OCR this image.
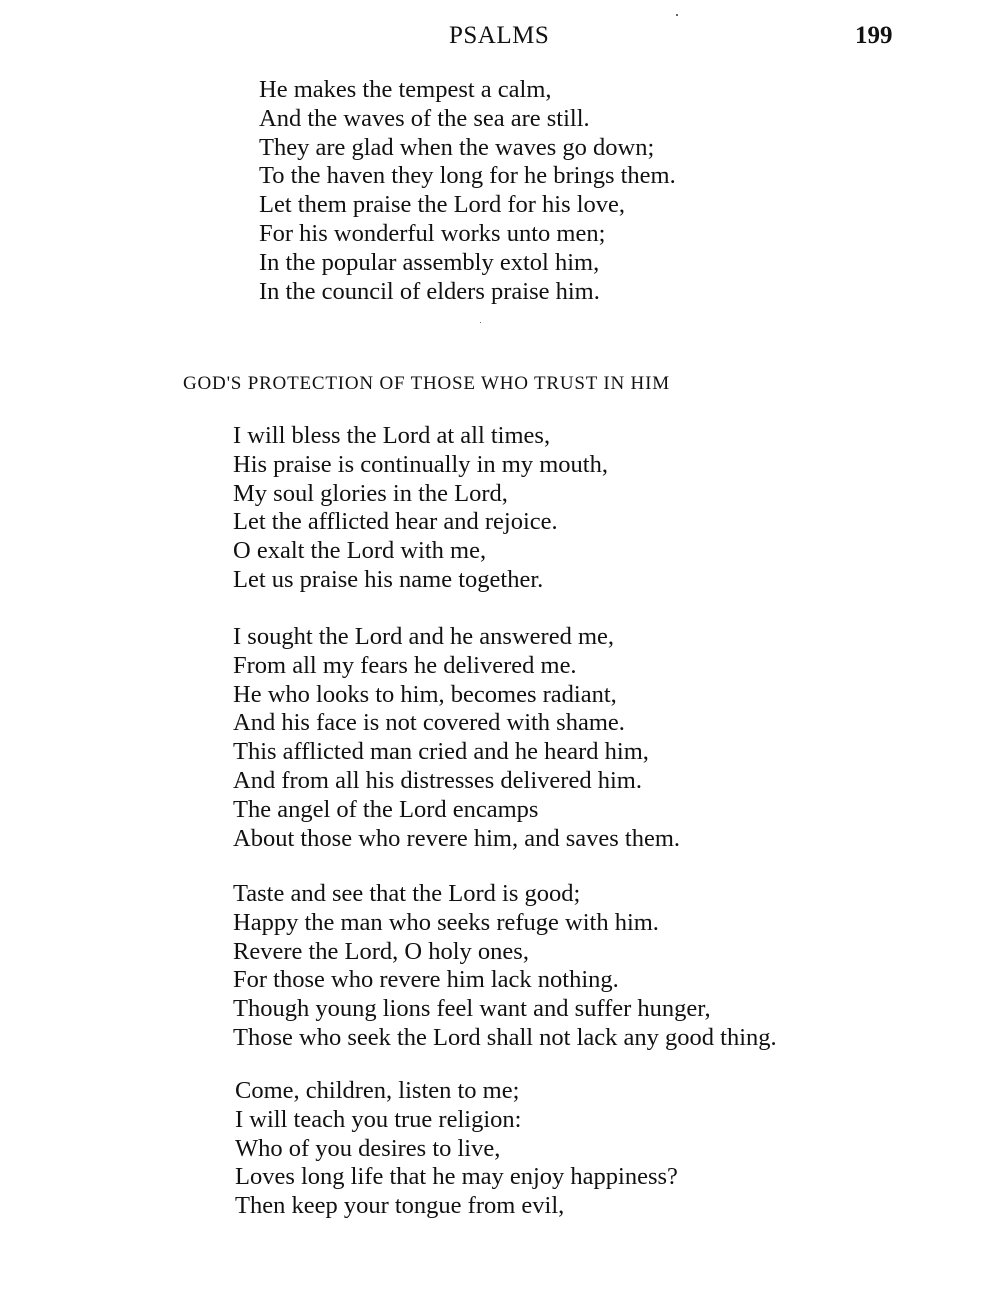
PSALMS	199
He makes the tempest a calm,
And the waves of the sea are still.
They are glad when the waves go down;
To the haven they long for he brings them.
Let them praise the Lord for his love,
For his wonderful works unto men;
In the popular assembly extol him,
In the council of elders praise him.
GOD'S PROTECTION OF THOSE WHO TRUST IN HIM
I will bless the Lord at all times,
His praise is continually in my mouth,
My soul glories in the Lord,
Let the afflicted hear and rejoice.
O exalt the Lord with me,
Let us praise his name together.
I sought the Lord and he answered me,
From all my fears he delivered me.
He who looks to him, becomes radiant,
And his face is not covered with shame.
This afflicted man cried and he heard him,
And from all his distresses delivered him.
The angel of the Lord encamps
About those who revere him, and saves them.
Taste and see that the Lord is good;
Happy the man who seeks refuge with him.
Revere the Lord, O holy ones,
For those who revere him lack nothing.
Though young lions feel want and suffer hunger,
Those who seek the Lord shall not lack any good thing.
Come, children, listen to me;
I will teach you true religion:
Who of you desires to live,
Loves long life that he may enjoy happiness?
Then keep your tongue from evil,
